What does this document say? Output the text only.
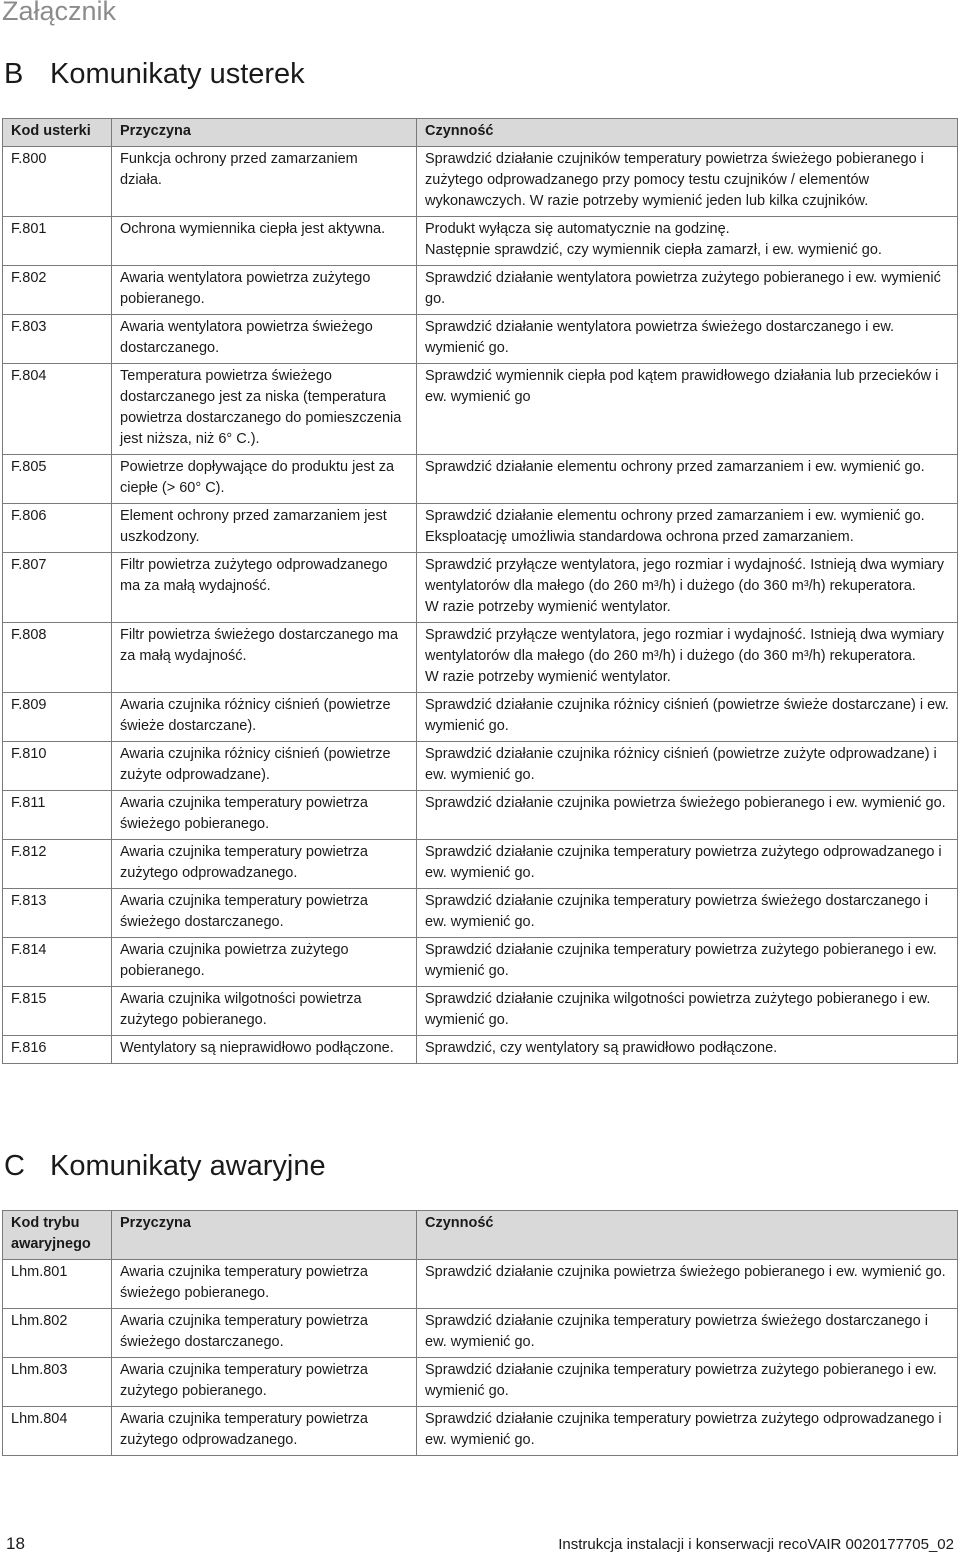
Załącznik
B Komunikaty usterek
Kod usterki	Przyczyna	Czynność
F.800	Funkcja ochrony przed zamarzaniem działa.	Sprawdzić działanie czujników temperatury powietrza świeżego pobieranego i zużytego odprowadzanego przy pomocy testu czujników / elementów wykonawczych. W razie potrzeby wymienić jeden lub kilka czujników.

F.801	Ochrona wymiennika ciepła jest aktywna.	Produkt wyłącza się automatycznie na godzinę.
Następnie sprawdzić, czy wymiennik ciepła zamarzł, i ew. wymienić go.

F.802	Awaria wentylatora powietrza zużytego pobieranego.	Sprawdzić działanie wentylatora powietrza zużytego pobieranego i ew. wymienić go.

F.803	Awaria wentylatora powietrza świeżego dostarczanego.	Sprawdzić działanie wentylatora powietrza świeżego dostarczanego i ew. wymienić go.

F.804	Temperatura powietrza świeżego dostarczanego jest za niska (temperatura powietrza dostarczanego do pomieszczenia jest niższa, niż 6° C.).	Sprawdzić wymiennik ciepła pod kątem prawidłowego działania lub przecieków i ew. wymienić go

F.805	Powietrze dopływające do produktu jest za ciepłe (> 60° C).	Sprawdzić działanie elementu ochrony przed zamarzaniem i ew. wymienić go.

F.806	Element ochrony przed zamarzaniem jest uszkodzony.	Sprawdzić działanie elementu ochrony przed zamarzaniem i ew. wymienić go.
Eksploatację umożliwia standardowa ochrona przed zamarzaniem.

F.807	Filtr powietrza zużytego odprowadzanego ma za małą wydajność.	Sprawdzić przyłącze wentylatora, jego rozmiar i wydajność. Istnieją dwa wymiary wentylatorów dla małego (do 260 m³/h) i dużego (do 360 m³/h) rekuperatora.
W razie potrzeby wymienić wentylator.

F.808	Filtr powietrza świeżego dostarczanego ma za małą wydajność.	Sprawdzić przyłącze wentylatora, jego rozmiar i wydajność. Istnieją dwa wymiary wentylatorów dla małego (do 260 m³/h) i dużego (do 360 m³/h) rekuperatora.
W razie potrzeby wymienić wentylator.

F.809	Awaria czujnika różnicy ciśnień (powietrze świeże dostarczane).	Sprawdzić działanie czujnika różnicy ciśnień (powietrze świeże dostarczane) i ew. wymienić go.

F.810	Awaria czujnika różnicy ciśnień (powietrze zużyte odprowadzane).	Sprawdzić działanie czujnika różnicy ciśnień (powietrze zużyte odprowadzane) i ew. wymienić go.

F.811	Awaria czujnika temperatury powietrza świeżego pobieranego.	Sprawdzić działanie czujnika powietrza świeżego pobieranego i ew. wymienić go.

F.812	Awaria czujnika temperatury powietrza zużytego odprowadzanego.	Sprawdzić działanie czujnika temperatury powietrza zużytego odprowadzanego i ew. wymienić go.

F.813	Awaria czujnika temperatury powietrza świeżego dostarczanego.	Sprawdzić działanie czujnika temperatury powietrza świeżego dostarczanego i ew. wymienić go.

F.814	Awaria czujnika powietrza zużytego pobieranego.	Sprawdzić działanie czujnika temperatury powietrza zużytego pobieranego i ew. wymienić go.

F.815	Awaria czujnika wilgotności powietrza zużytego pobieranego.	Sprawdzić działanie czujnika wilgotności powietrza zużytego pobieranego i ew. wymienić go.

F.816	Wentylatory są nieprawidłowo podłączone.	Sprawdzić, czy wentylatory są prawidłowo podłączone.
C Komunikaty awaryjne
Kod trybu awaryjnego	Przyczyna	Czynność
Lhm.801	Awaria czujnika temperatury powietrza świeżego pobieranego.	Sprawdzić działanie czujnika powietrza świeżego pobieranego i ew. wymienić go.

Lhm.802	Awaria czujnika temperatury powietrza świeżego dostarczanego.	Sprawdzić działanie czujnika temperatury powietrza świeżego dostarczanego i ew. wymienić go.

Lhm.803	Awaria czujnika temperatury powietrza zużytego pobieranego.	Sprawdzić działanie czujnika temperatury powietrza zużytego pobieranego i ew. wymienić go.

Lhm.804	Awaria czujnika temperatury powietrza zużytego odprowadzanego.	Sprawdzić działanie czujnika temperatury powietrza zużytego odprowadzanego i ew. wymienić go.
18	Instrukcja instalacji i konserwacji recoVAIR 0020177705_02
